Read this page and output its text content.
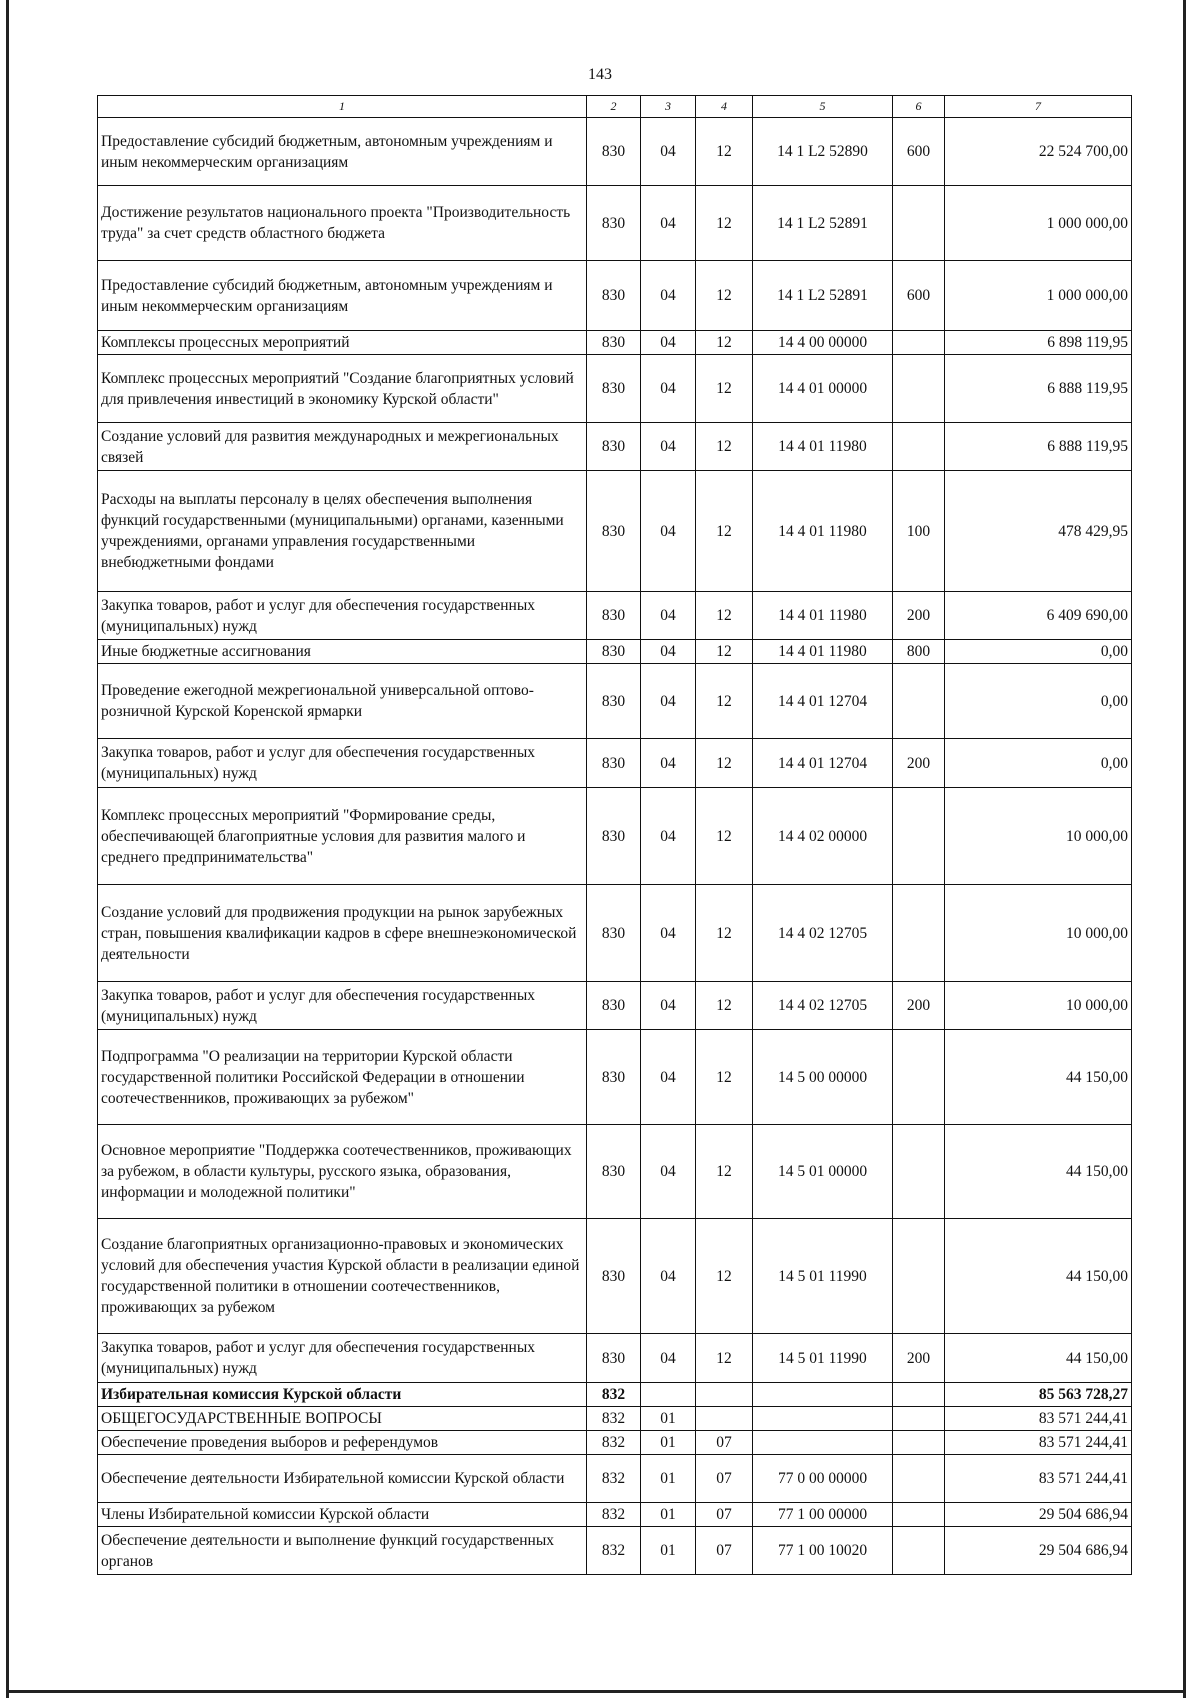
143
1	2	3	4	5	6	7
Предоставление субсидий бюджетным, автономным учреждениям и иным некоммерческим организациям	830	04	12	14 1 L2 52890	600	22 524 700,00
Достижение результатов национального проекта "Производительность труда" за счет средств областного бюджета	830	04	12	14 1 L2 52891		1 000 000,00
Предоставление субсидий бюджетным, автономным учреждениям и иным некоммерческим организациям	830	04	12	14 1 L2 52891	600	1 000 000,00
Комплексы процессных мероприятий	830	04	12	14 4 00 00000		6 898 119,95
Комплекс процессных мероприятий "Создание благоприятных условий для привлечения инвестиций в экономику Курской области"	830	04	12	14 4 01 00000		6 888 119,95
Создание условий для развития международных и межрегиональных связей	830	04	12	14 4 01 11980		6 888 119,95
Расходы на выплаты персоналу в целях обеспечения выполнения функций государственными (муниципальными) органами, казенными учреждениями, органами управления государственными внебюджетными фондами	830	04	12	14 4 01 11980	100	478 429,95
Закупка товаров, работ и услуг для обеспечения государственных (муниципальных) нужд	830	04	12	14 4 01 11980	200	6 409 690,00
Иные бюджетные ассигнования	830	04	12	14 4 01 11980	800	0,00
Проведение ежегодной межрегиональной универсальной оптово-розничной Курской Коренской ярмарки	830	04	12	14 4 01 12704		0,00
Закупка товаров, работ и услуг для обеспечения государственных (муниципальных) нужд	830	04	12	14 4 01 12704	200	0,00
Комплекс процессных мероприятий "Формирование среды, обеспечивающей благоприятные условия для развития малого и среднего предпринимательства"	830	04	12	14 4 02 00000		10 000,00
Создание условий для продвижения продукции на рынок зарубежных стран, повышения квалификации кадров в сфере внешнеэкономической деятельности	830	04	12	14 4 02 12705		10 000,00
Закупка товаров, работ и услуг для обеспечения государственных (муниципальных) нужд	830	04	12	14 4 02 12705	200	10 000,00
Подпрограмма "О реализации на территории Курской области государственной политики Российской Федерации в отношении соотечественников, проживающих за рубежом"	830	04	12	14 5 00 00000		44 150,00
Основное мероприятие "Поддержка соотечественников, проживающих за рубежом, в области культуры, русского языка, образования, информации и молодежной политики"	830	04	12	14 5 01 00000		44 150,00
Создание благоприятных организационно-правовых и экономических условий для обеспечения участия Курской области в реализации единой государственной политики в отношении соотечественников, проживающих за рубежом	830	04	12	14 5 01 11990		44 150,00
Закупка товаров, работ и услуг для обеспечения государственных (муниципальных) нужд	830	04	12	14 5 01 11990	200	44 150,00
Избирательная комиссия Курской области	832					85 563 728,27
ОБЩЕГОСУДАРСТВЕННЫЕ ВОПРОСЫ	832	01				83 571 244,41
Обеспечение проведения выборов и референдумов	832	01	07			83 571 244,41
Обеспечение деятельности Избирательной комиссии Курской области	832	01	07	77 0 00 00000		83 571 244,41
Члены Избирательной комиссии Курской области	832	01	07	77 1 00 00000		29 504 686,94
Обеспечение деятельности и выполнение функций государственных органов	832	01	07	77 1 00 10020		29 504 686,94
